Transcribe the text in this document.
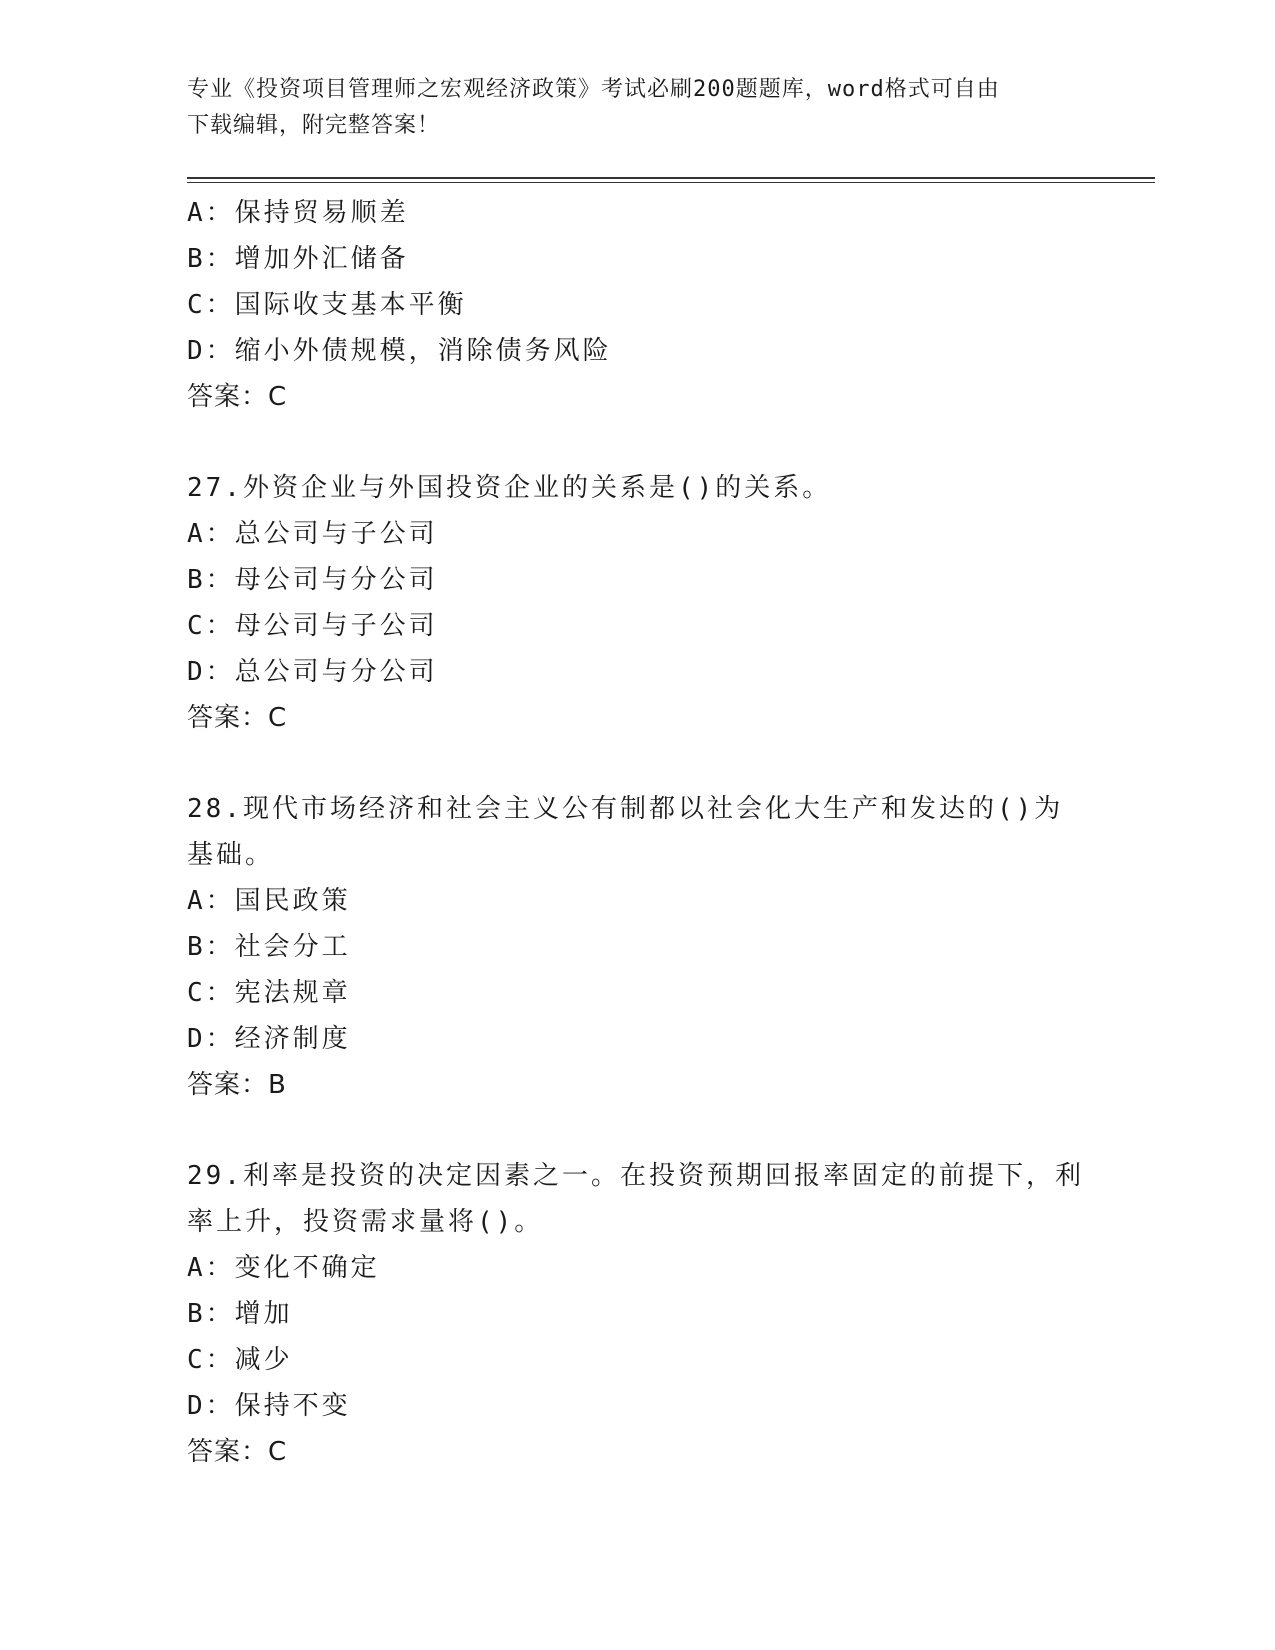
专业《投资项目管理师之宏观经济政策》考试必刷200题题库，word格式可自由
下载编辑，附完整答案！
A：保持贸易顺差
B：增加外汇储备
C：国际收支基本平衡
D：缩小外债规模，消除债务风险
答案：C
27.外资企业与外国投资企业的关系是()的关系。
A：总公司与子公司
B：母公司与分公司
C：母公司与子公司
D：总公司与分公司
答案：C
28.现代市场经济和社会主义公有制都以社会化大生产和发达的()为基础。
A：国民政策
B：社会分工
C：宪法规章
D：经济制度
答案：B
29.利率是投资的决定因素之一。在投资预期回报率固定的前提下，利率上升，投资需求量将()。
A：变化不确定
B：增加
C：减少
D：保持不变
答案：C
